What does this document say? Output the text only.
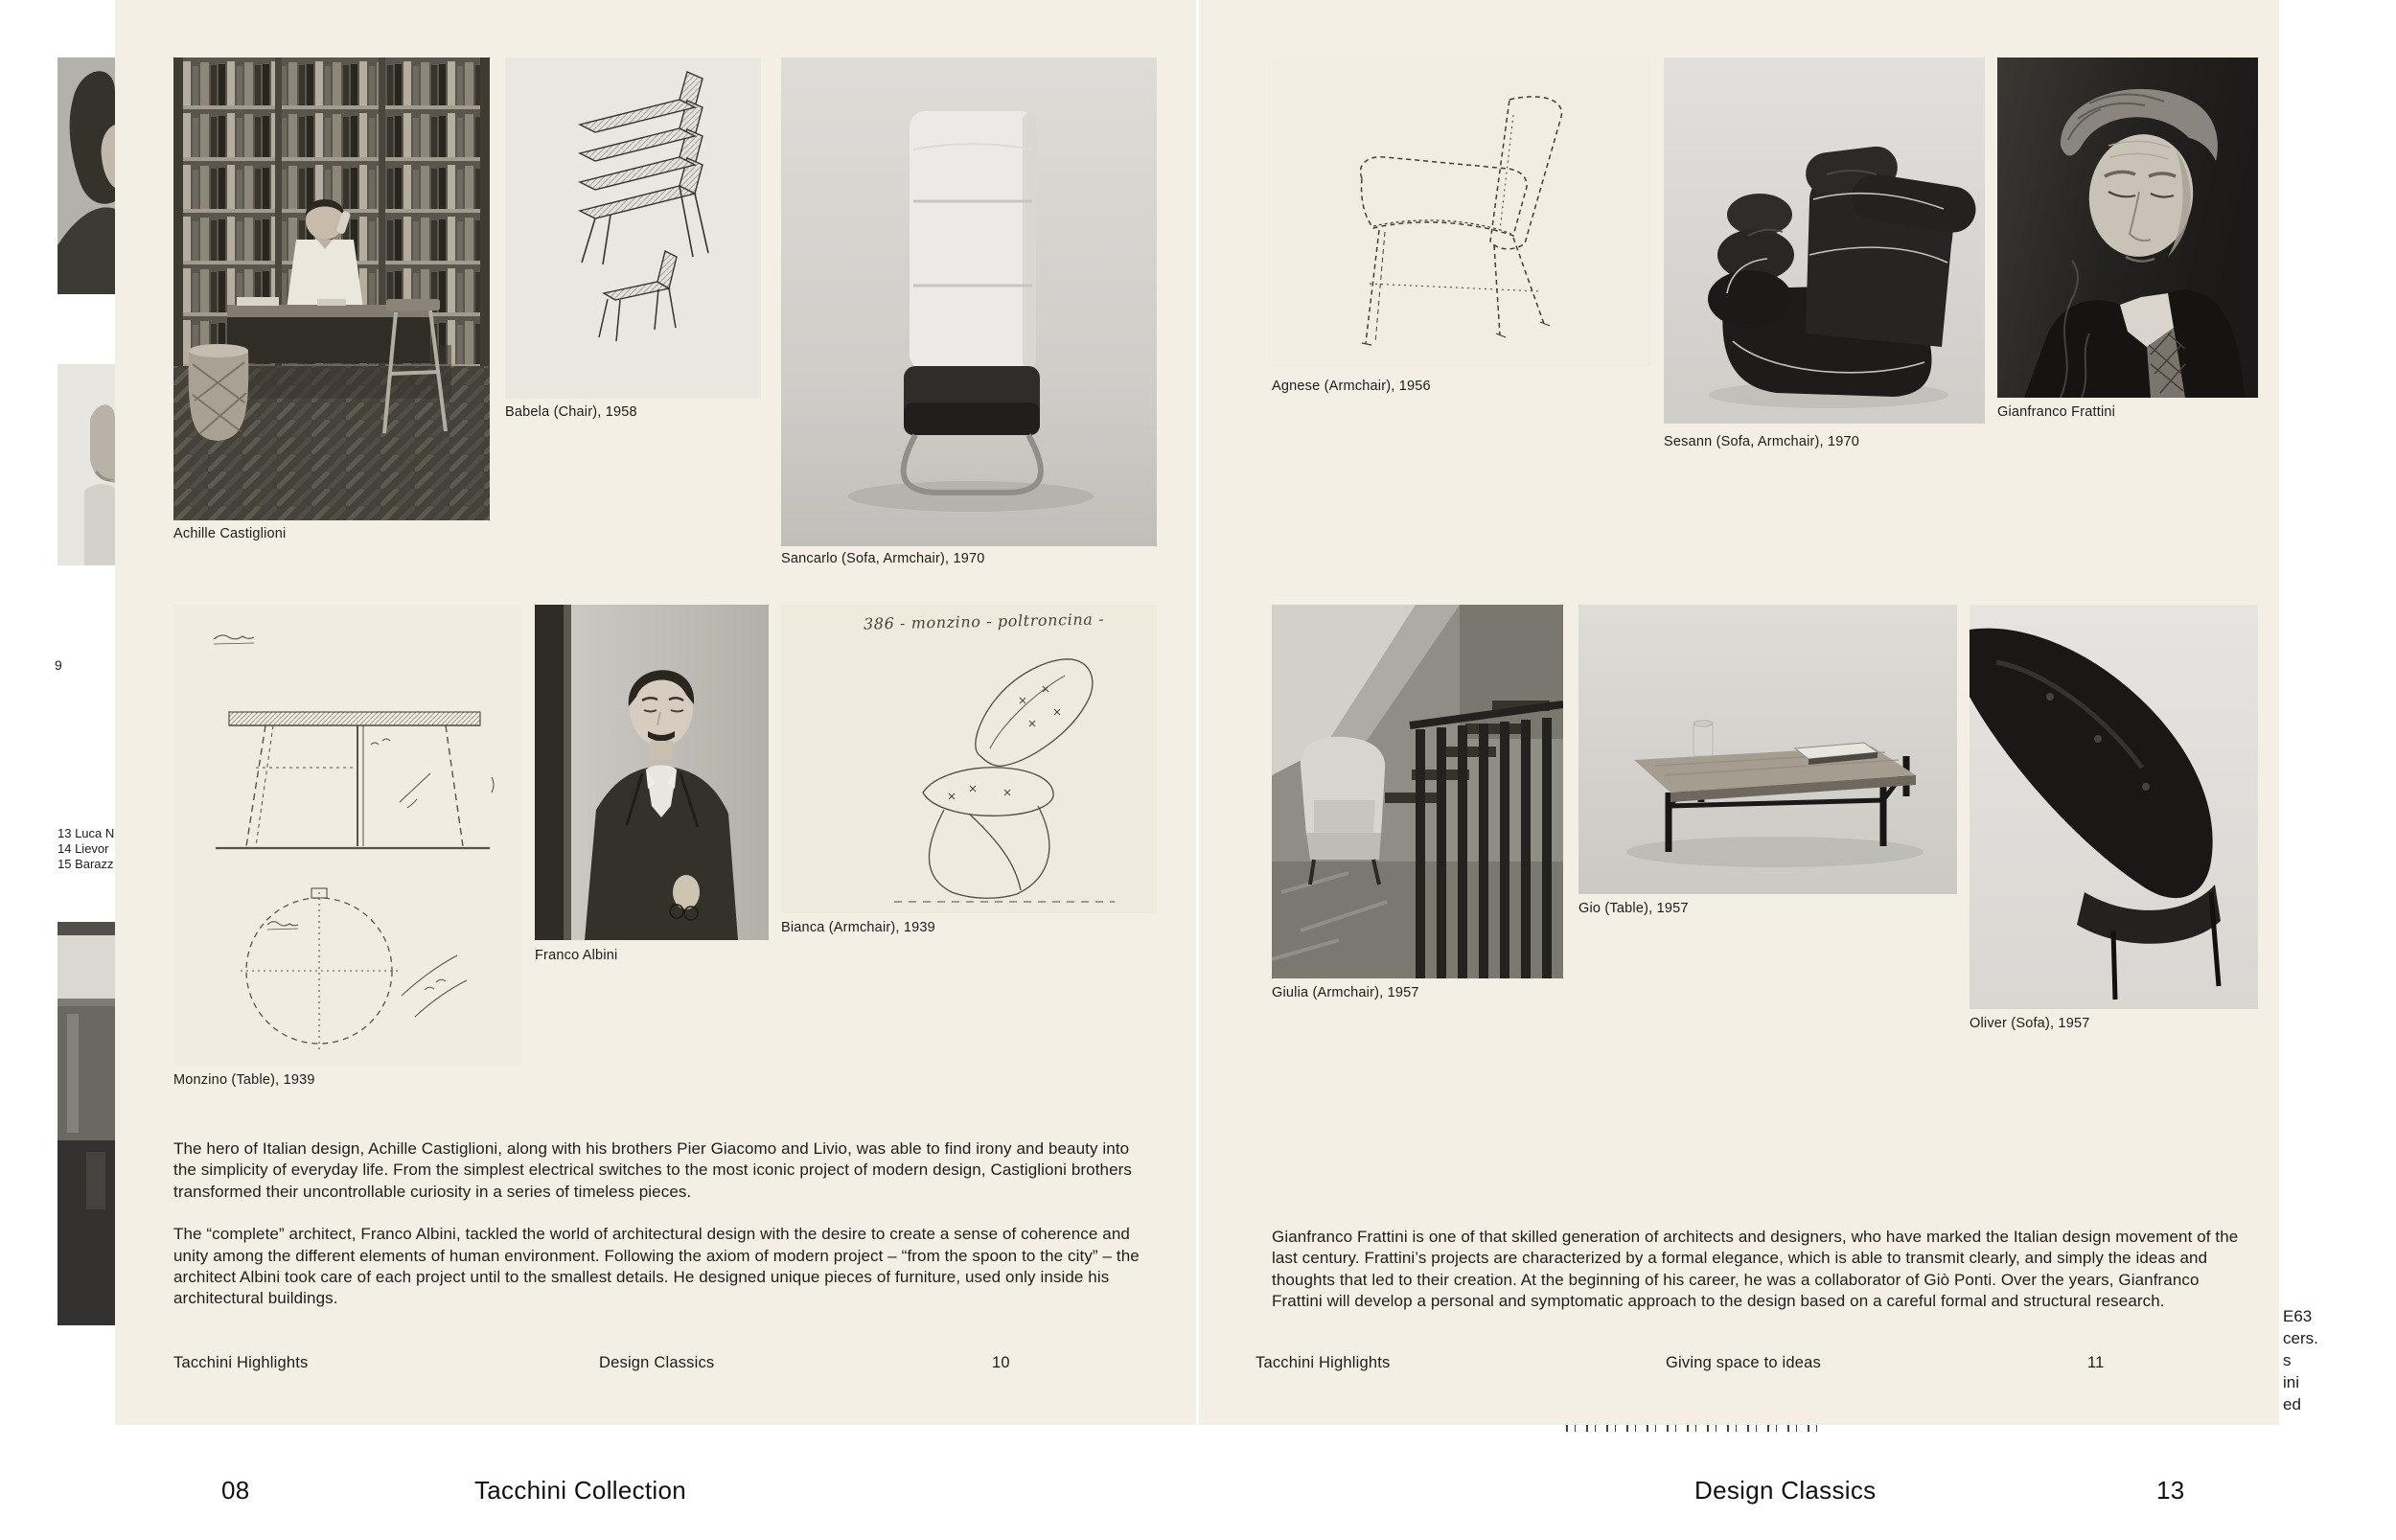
9
13 Luca N
14 Lievor
15 Barazz
E63
cers.
s
ini
ed
Achille Castiglioni
Babela (Chair), 1958
Sancarlo (Sofa, Armchair), 1970
Monzino (Table), 1939
Franco Albini
386 - monzino - poltroncina -
Bianca (Armchair), 1939

The hero of Italian design, Achille Castiglioni, along with his brothers Pier Giacomo and Livio, was able to find irony and beauty into the simplicity of everyday life. From the simplest electrical switches to the most iconic project of modern design, Castiglioni brothers transformed their uncontrollable curiosity in a series of timeless pieces.

The “complete” architect, Franco Albini, tackled the world of architectural design with the desire to create a sense of coherence and unity among the different elements of human environment. Following the axiom of modern project – “from the spoon to the city” – the architect Albini took care of each project until to the smallest details. He designed unique pieces of furniture, used only inside his architectural buildings.

Tacchini Highlights	Design Classics	10
Agnese (Armchair), 1956
Sesann (Sofa, Armchair), 1970
Gianfranco Frattini
Giulia (Armchair), 1957
Gio (Table), 1957
Oliver (Sofa), 1957

Gianfranco Frattini is one of that skilled generation of architects and designers, who have marked the Italian design movement of the last century. Frattini’s projects are characterized by a formal elegance, which is able to transmit clearly, and simply the ideas and thoughts that led to their creation. At the beginning of his career, he was a collaborator of Giò Ponti. Over the years, Gianfranco Frattini will develop a personal and symptomatic approach to the design based on a careful formal and structural research.

Tacchini Highlights	Giving space to ideas	11
08	Tacchini Collection	Design Classics	13
